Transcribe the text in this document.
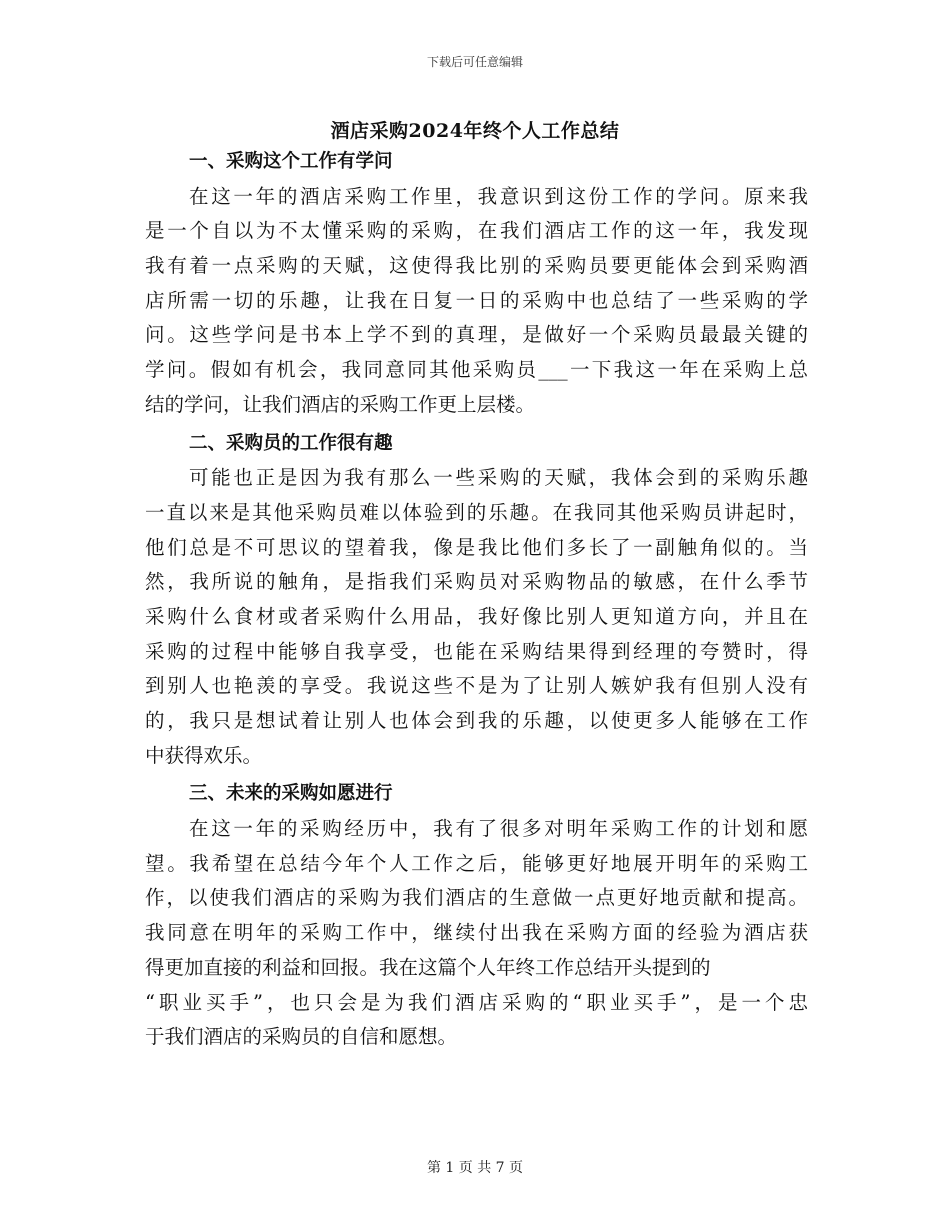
下载后可任意编辑
酒店采购2024年终个人工作总结
一、采购这个工作有学问
在这一年的酒店采购工作里，我意识到这份工作的学问。原来我
是一个自以为不太懂采购的采购，在我们酒店工作的这一年，我发现
我有着一点采购的天赋，这使得我比别的采购员要更能体会到采购酒
店所需一切的乐趣，让我在日复一日的采购中也总结了一些采购的学
问。这些学问是书本上学不到的真理，是做好一个采购员最最关键的
学问。假如有机会，我同意同其他采购员___一下我这一年在采购上总
结的学问，让我们酒店的采购工作更上层楼。
二、采购员的工作很有趣
可能也正是因为我有那么一些采购的天赋，我体会到的采购乐趣
一直以来是其他采购员难以体验到的乐趣。在我同其他采购员讲起时，
他们总是不可思议的望着我，像是我比他们多长了一副触角似的。当
然，我所说的触角，是指我们采购员对采购物品的敏感，在什么季节
采购什么食材或者采购什么用品，我好像比别人更知道方向，并且在
采购的过程中能够自我享受，也能在采购结果得到经理的夸赞时，得
到别人也艳羡的享受。我说这些不是为了让别人嫉妒我有但别人没有
的，我只是想试着让别人也体会到我的乐趣，以使更多人能够在工作
中获得欢乐。
三、未来的采购如愿进行
在这一年的采购经历中，我有了很多对明年采购工作的计划和愿
望。我希望在总结今年个人工作之后，能够更好地展开明年的采购工
作，以使我们酒店的采购为我们酒店的生意做一点更好地贡献和提高。
我同意在明年的采购工作中，继续付出我在采购方面的经验为酒店获
得更加直接的利益和回报。我在这篇个人年终工作总结开头提到的
“职业买手”，也只会是为我们酒店采购的“职业买手”，是一个忠
于我们酒店的采购员的自信和愿想。
第 1 页 共 7 页
